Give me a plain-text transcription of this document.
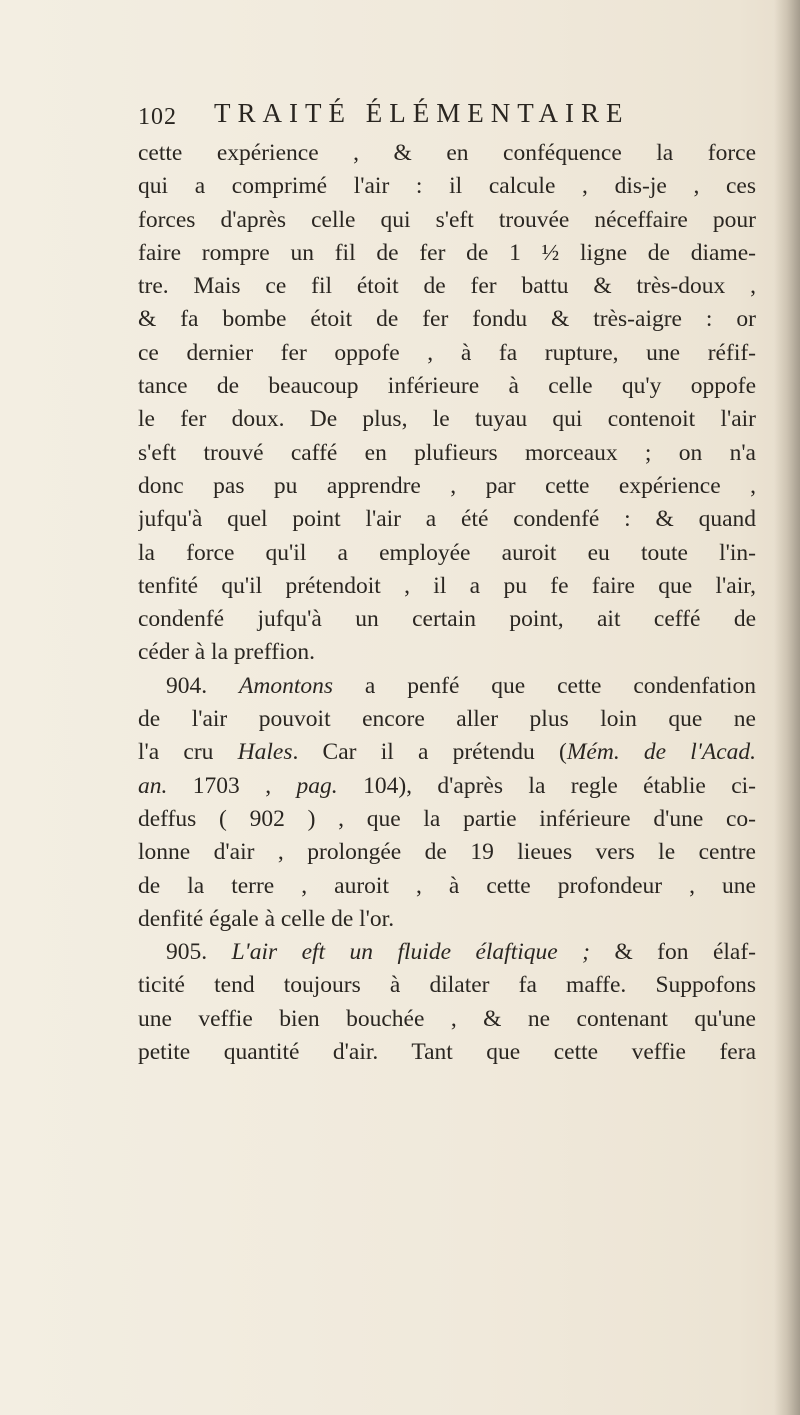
102 TRAITÉ ÉLÉMENTAIRE
cette expérience , & en conféquence la force
qui a comprimé l'air : il calcule , dis-je , ces
forces d'après celle qui s'eft trouvée néceffaire pour
faire rompre un fil de fer de 1 ½ ligne de diame-
tre. Mais ce fil étoit de fer battu & très-doux ,
& fa bombe étoit de fer fondu & très-aigre : or
ce dernier fer oppofe , à fa rupture, une réfif-
tance de beaucoup inférieure à celle qu'y oppofe
le fer doux. De plus, le tuyau qui contenoit l'air
s'eft trouvé caffé en plufieurs morceaux ; on n'a
donc pas pu apprendre , par cette expérience ,
jufqu'à quel point l'air a été condenfé : & quand
la force qu'il a employée auroit eu toute l'in-
tenfité qu'il prétendoit , il a pu fe faire que l'air,
condenfé jufqu'à un certain point, ait ceffé de
céder à la preffion.
904. Amontons a penfé que cette condenfation
de l'air pouvoit encore aller plus loin que ne
l'a cru Hales. Car il a prétendu (Mém. de l'Acad.
an. 1703 , pag. 104), d'après la regle établie ci-
deffus ( 902 ) , que la partie inférieure d'une co-
lonne d'air , prolongée de 19 lieues vers le centre
de la terre , auroit , à cette profondeur , une
denfité égale à celle de l'or.
905. L'air eft un fluide élaftique ; & fon élaf-
ticité tend toujours à dilater fa maffe. Suppofons
une veffie bien bouchée , & ne contenant qu'une
petite quantité d'air. Tant que cette veffie fera
